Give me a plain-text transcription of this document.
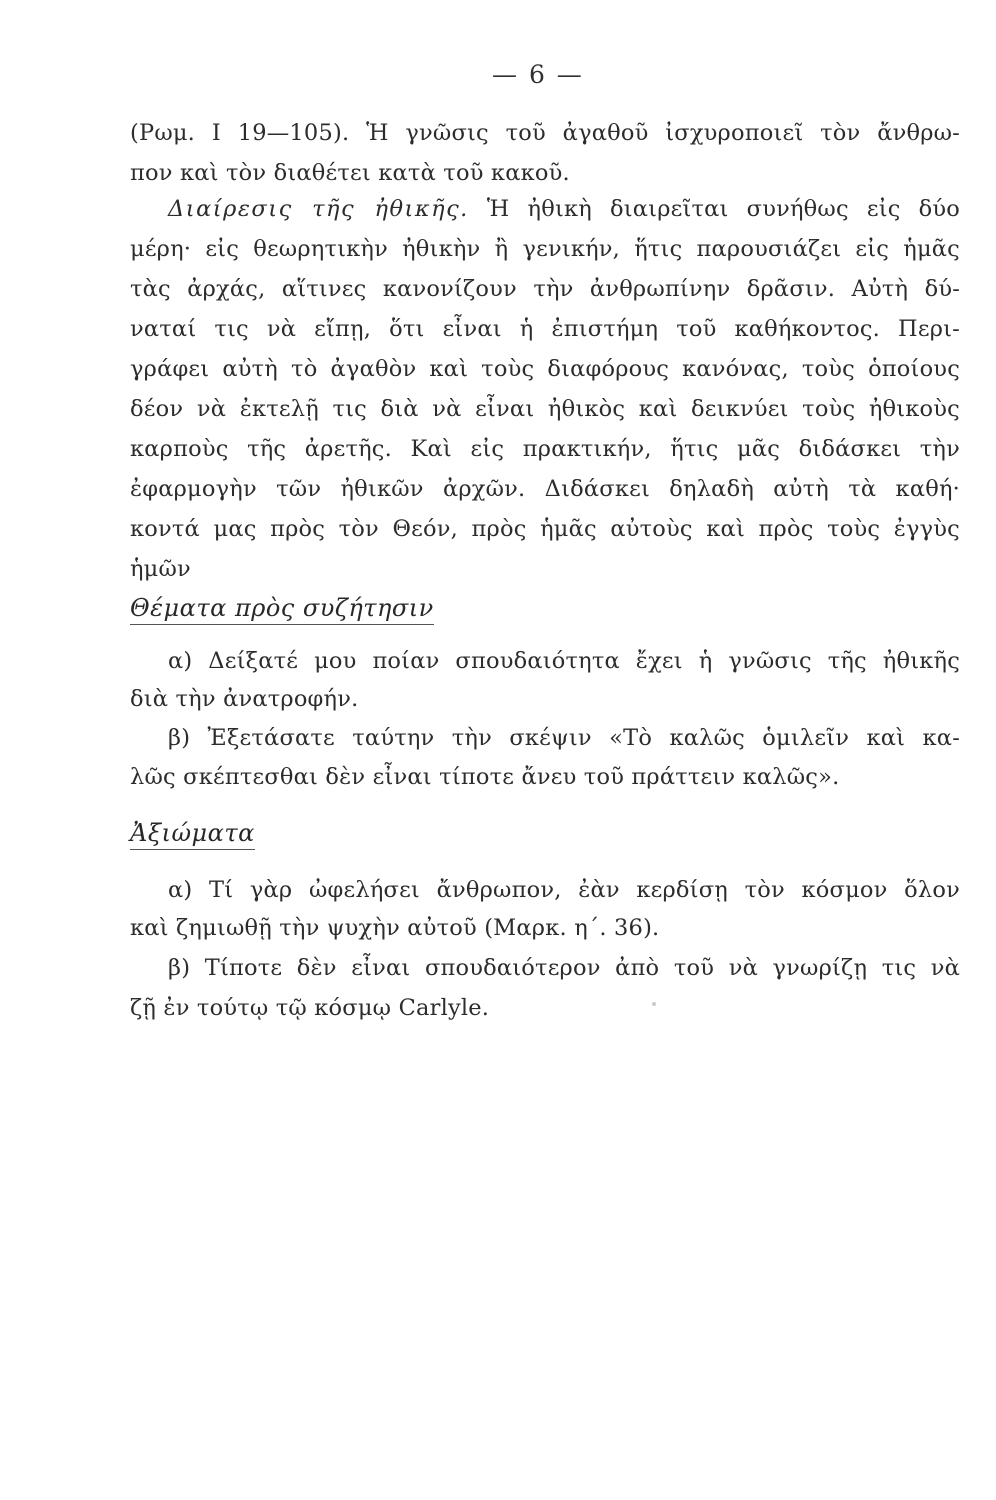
— 6 —
(Ρωμ. Ι 19—105). Ἡ γνῶσις τοῦ ἀγαθοῦ ἰσχυροποιεῖ τὸν ἄνθρω-
πον καὶ τὸν διαθέτει κατὰ τοῦ κακοῦ.
Διαίρεσις τῆς ἠθικῆς. Ἡ ἠθικὴ διαιρεῖται συνήθως εἰς δύο
μέρη· εἰς θεωρητικὴν ἠθικὴν ἢ γενικήν, ἥτις παρουσιάζει εἰς ἡμᾶς
τὰς ἀρχάς, αἵτινες κανονίζουν τὴν ἀνθρωπίνην δρᾶσιν. Αὐτὴ δύ-
ναταί τις νὰ εἴπῃ, ὅτι εἶναι ἡ ἐπιστήμη τοῦ καθήκοντος. Περι-
γράφει αὐτὴ τὸ ἀγαθὸν καὶ τοὺς διαφόρους κανόνας, τοὺς ὁποίους
δέον νὰ ἐκτελῇ τις διὰ νὰ εἶναι ἠθικὸς καὶ δεικνύει τοὺς ἠθικοὺς
καρποὺς τῆς ἀρετῆς. Καὶ εἰς πρακτικήν, ἥτις μᾶς διδάσκει τὴν
ἐφαρμογὴν τῶν ἠθικῶν ἀρχῶν. Διδάσκει δηλαδὴ αὐτὴ τὰ καθή·
κοντά μας πρὸς τὸν Θεόν, πρὸς ἡμᾶς αὐτοὺς καὶ πρὸς τοὺς ἐγγὺς
ἡμῶν
Θέματα πρὸς συζήτησιν
α) Δείξατέ μου ποίαν σπουδαιότητα ἔχει ἡ γνῶσις τῆς ἠθικῆς
διὰ τὴν ἀνατροφήν.
β) Ἐξετάσατε ταύτην τὴν σκέψιν «Τὸ καλῶς ὁμιλεῖν καὶ κα-
λῶς σκέπτεσθαι δὲν εἶναι τίποτε ἄνευ τοῦ πράττειν καλῶς».
Ἀξιώματα
α) Τί γὰρ ὠφελήσει ἄνθρωπον, ἐὰν κερδίσῃ τὸν κόσμον ὅλον
καὶ ζημιωθῇ τὴν ψυχὴν αὐτοῦ (Μαρκ. η΄. 36).
β) Τίποτε δὲν εἶναι σπουδαιότερον ἀπὸ τοῦ νὰ γνωρίζῃ τις νὰ
ζῇ ἐν τούτῳ τῷ κόσμῳ Carlyle.
